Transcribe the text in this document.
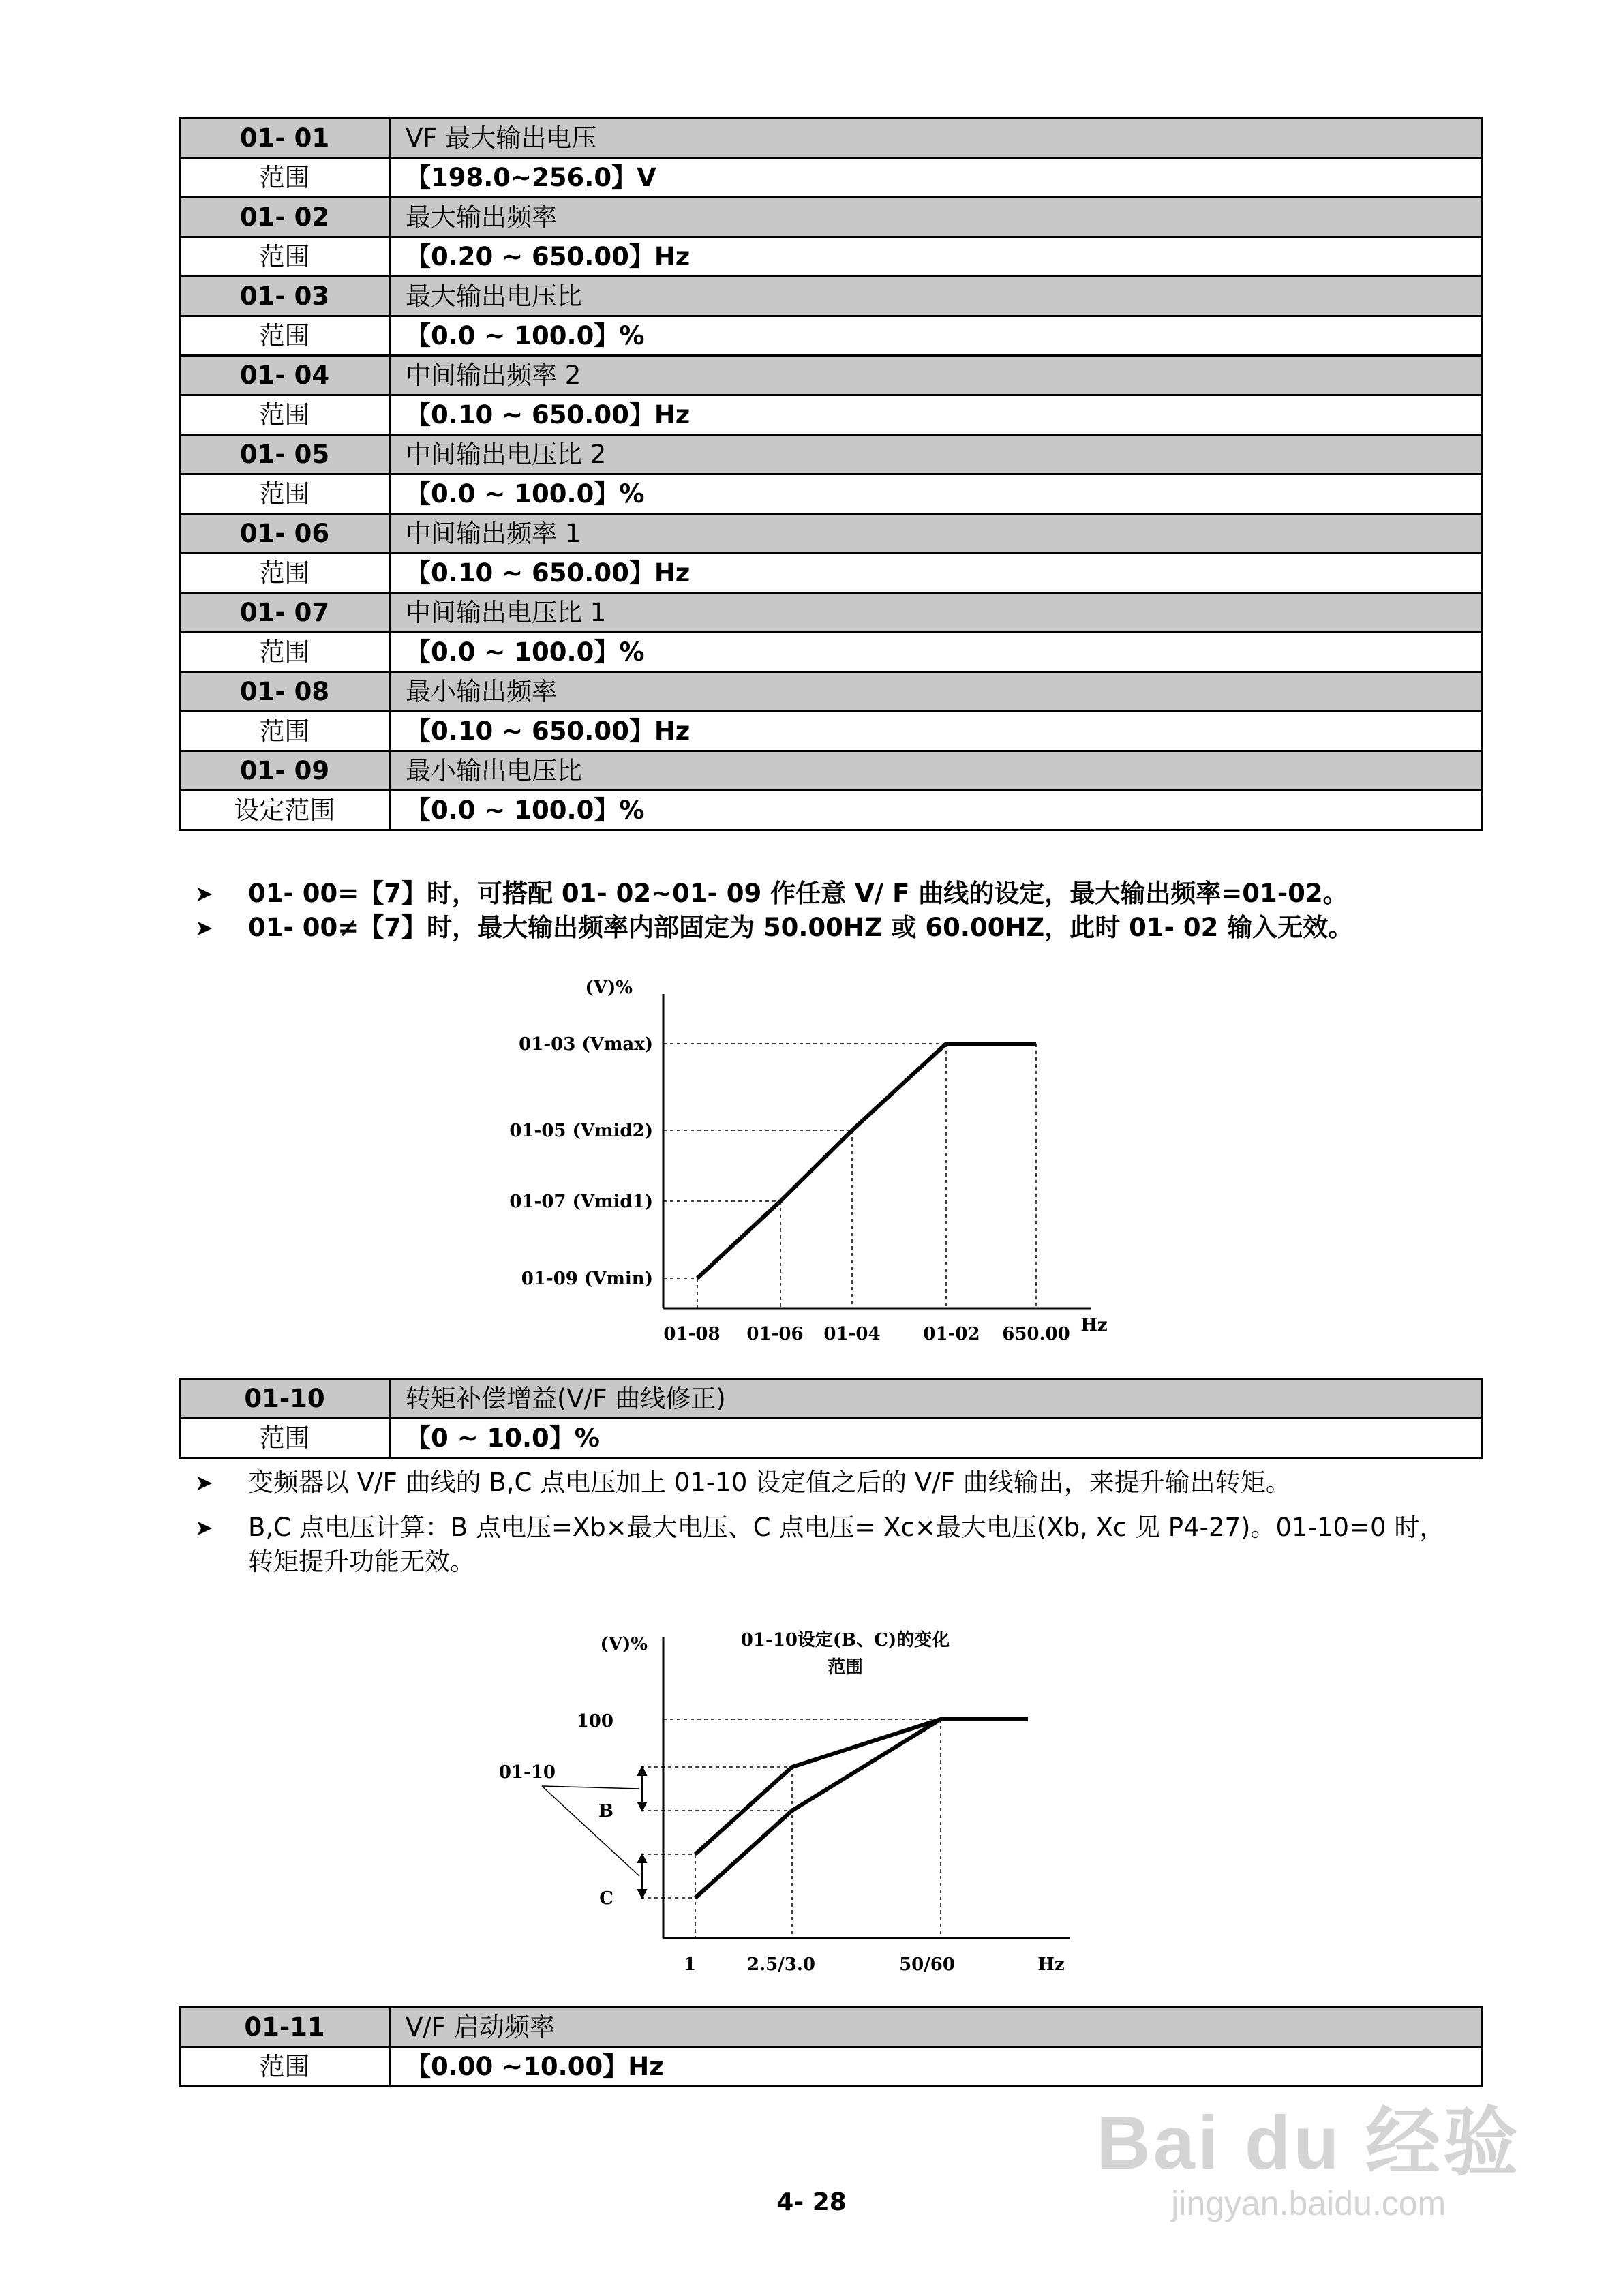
01- 01	VF 最大输出电压
范围	【198.0~256.0】V
01- 02	最大输出频率
范围	【0.20 ~ 650.00】Hz
01- 03	最大输出电压比
范围	【0.0 ~ 100.0】%
01- 04	中间输出频率 2
范围	【0.10 ~ 650.00】Hz
01- 05	中间输出电压比 2
范围	【0.0 ~ 100.0】%
01- 06	中间输出频率 1
范围	【0.10 ~ 650.00】Hz
01- 07	中间输出电压比 1
范围	【0.0 ~ 100.0】%
01- 08	最小输出频率
范围	【0.10 ~ 650.00】Hz
01- 09	最小输出电压比
设定范围	【0.0 ~ 100.0】%
➤	01- 00=【7】时，可搭配 01- 02~01- 09 作任意 V/ F 曲线的设定，最大输出频率=01-02。
➤	01- 00≠【7】时，最大输出频率内部固定为 50.00HZ 或 60.00HZ，此时 01- 02 输入无效。
(V)%
01-03 (Vmax)
01-05 (Vmid2)
01-07 (Vmid1)
01-09 (Vmin)
01-08 01-06 01-04 01-02 650.00 Hz
01-10	转矩补偿增益(V/F 曲线修正)
范围	【0 ~ 10.0】%
➤	变频器以 V/F 曲线的 B,C 点电压加上 01-10 设定值之后的 V/F 曲线输出，来提升输出转矩。
➤	B,C 点电压计算：B 点电压=Xb×最大电压、C 点电压= Xc×最大电压(Xb, Xc 见 P4-27)。01-10=0 时，转矩提升功能无效。
(V)%	01-10设定(B、C)的变化
范围
100
01-10
B
C
1	2.5/3.0	50/60	Hz
01-11	V/F 启动频率
范围	【0.00 ~10.00】Hz
Bai du 经验
jingyan.baidu.com
4- 28
